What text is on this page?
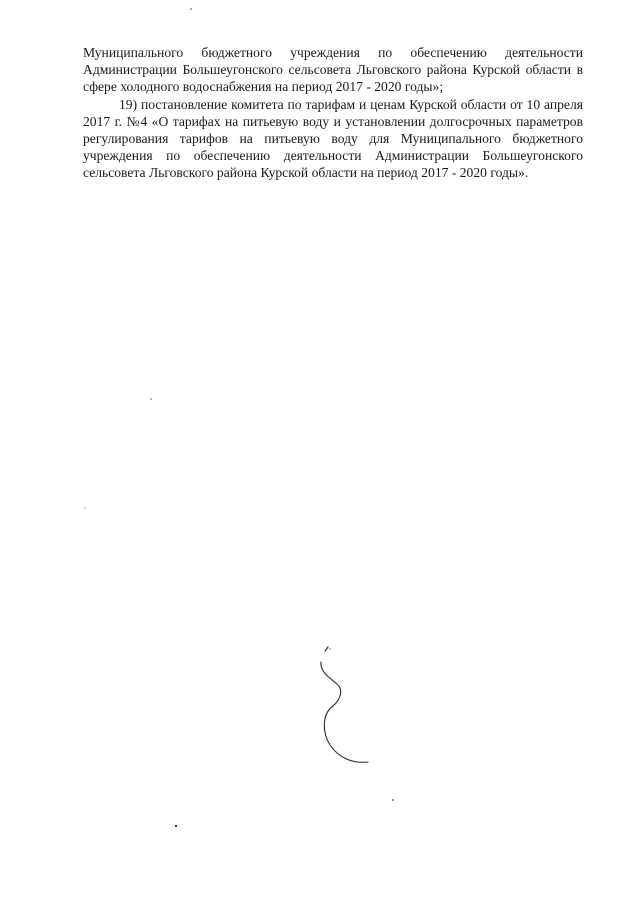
Муниципального бюджетного учреждения по обеспечению деятельности Администрации Большеугонского сельсовета Льговского района Курской области в сфере холодного водоснабжения на период 2017 - 2020 годы»;

19) постановление комитета по тарифам и ценам Курской области от 10 апреля 2017 г. №4 «О тарифах на питьевую воду и установлении долгосрочных параметров регулирования тарифов на питьевую воду для Муниципального бюджетного учреждения по обеспечению деятельности Администрации Большеугонского сельсовета Льговского района Курской области на период 2017 - 2020 годы».
